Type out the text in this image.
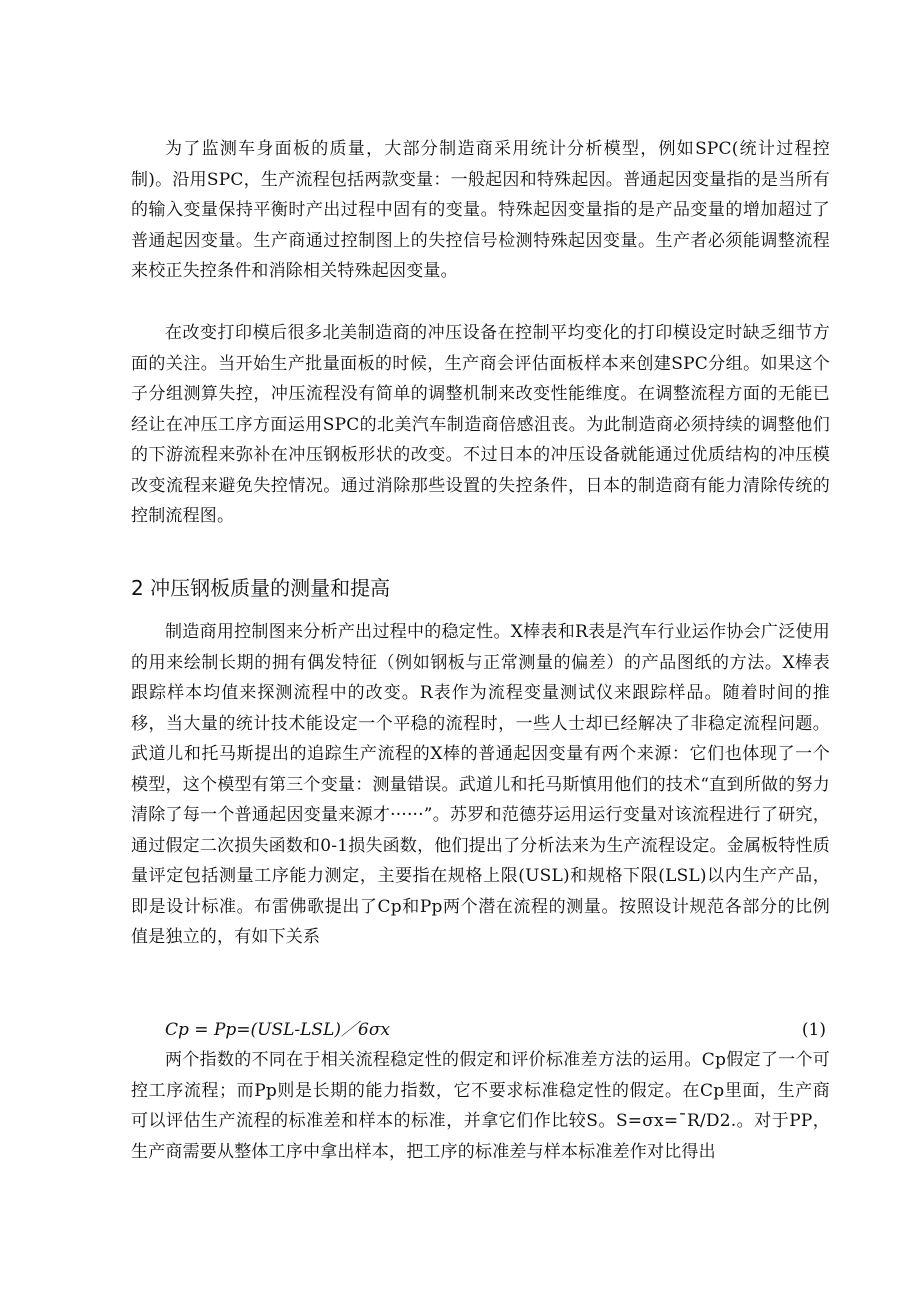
为了监测车身面板的质量，大部分制造商采用统计分析模型，例如SPC(统计过程控制)。沿用SPC，生产流程包括两款变量：一般起因和特殊起因。普通起因变量指的是当所有的输入变量保持平衡时产出过程中固有的变量。特殊起因变量指的是产品变量的增加超过了普通起因变量。生产商通过控制图上的失控信号检测特殊起因变量。生产者必须能调整流程来校正失控条件和消除相关特殊起因变量。

在改变打印模后很多北美制造商的冲压设备在控制平均变化的打印模设定时缺乏细节方面的关注。当开始生产批量面板的时候，生产商会评估面板样本来创建SPC分组。如果这个子分组测算失控，冲压流程没有简单的调整机制来改变性能维度。在调整流程方面的无能已经让在冲压工序方面运用SPC的北美汽车制造商倍感沮丧。为此制造商必须持续的调整他们的下游流程来弥补在冲压钢板形状的改变。不过日本的冲压设备就能通过优质结构的冲压模改变流程来避免失控情况。通过消除那些设置的失控条件，日本的制造商有能力清除传统的控制流程图。

2 冲压钢板质量的测量和提高

制造商用控制图来分析产出过程中的稳定性。X棒表和R表是汽车行业运作协会广泛使用的用来绘制长期的拥有偶发特征（例如钢板与正常测量的偏差）的产品图纸的方法。X棒表跟踪样本均值来探测流程中的改变。R表作为流程变量测试仪来跟踪样品。随着时间的推移，当大量的统计技术能设定一个平稳的流程时，一些人士却已经解决了非稳定流程问题。武道儿和托马斯提出的追踪生产流程的X棒的普通起因变量有两个来源：它们也体现了一个模型，这个模型有第三个变量：测量错误。武道儿和托马斯慎用他们的技术“直到所做的努力清除了每一个普通起因变量来源才······”。苏罗和范德芬运用运行变量对该流程进行了研究，通过假定二次损失函数和0-1损失函数，他们提出了分析法来为生产流程设定。金属板特性质量评定包括测量工序能力测定，主要指在规格上限(USL)和规格下限(LSL)以内生产产品，即是设计标准。布雷佛歌提出了Cp和Pp两个潜在流程的测量。按照设计规范各部分的比例值是独立的，有如下关系

Cp = Pp=(USL-LSL)／6σx	(1)

两个指数的不同在于相关流程稳定性的假定和评价标准差方法的运用。Cp假定了一个可控工序流程；而Pp则是长期的能力指数，它不要求标准稳定性的假定。在Cp里面，生产商可以评估生产流程的标准差和样本的标准，并拿它们作比较S。S=σx=¯R/D2.。对于PP，生产商需要从整体工序中拿出样本，把工序的标准差与样本标准差作对比得出
